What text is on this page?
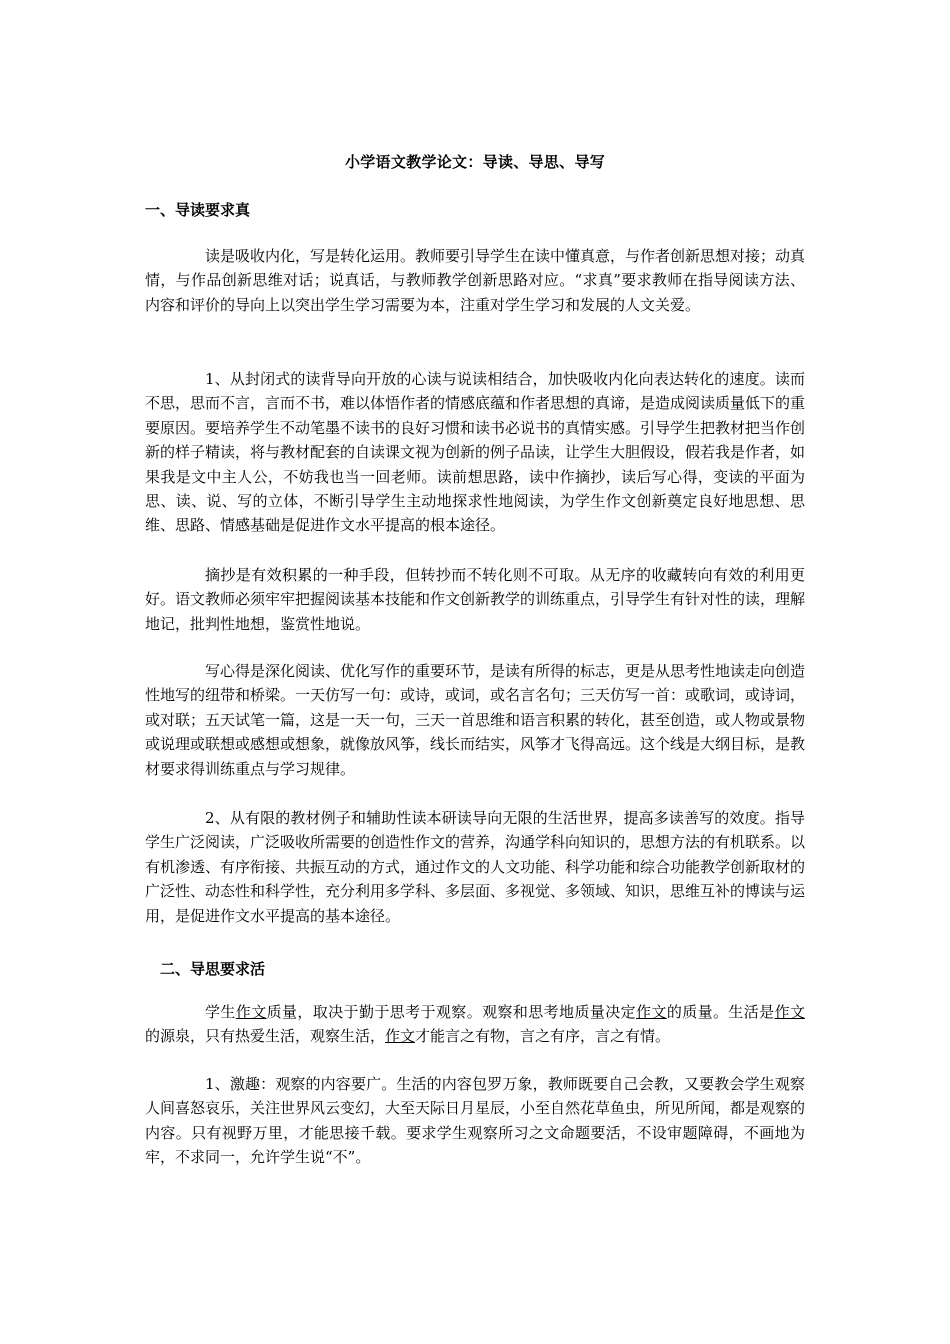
小学语文教学论文：导读、导思、导写
一、导读要求真

读是吸收内化，写是转化运用。教师要引导学生在读中懂真意，与作者创新思想对接；动真情，与作品创新思维对话；说真话，与教师教学创新思路对应。“求真”要求教师在指导阅读方法、内容和评价的导向上以突出学生学习需要为本，注重对学生学习和发展的人文关爱。

1、从封闭式的读背导向开放的心读与说读相结合，加快吸收内化向表达转化的速度。读而不思，思而不言，言而不书，难以体悟作者的情感底蕴和作者思想的真谛，是造成阅读质量低下的重要原因。要培养学生不动笔墨不读书的良好习惯和读书必说书的真情实感。引导学生把教材把当作创新的样子精读，将与教材配套的自读课文视为创新的例子品读，让学生大胆假设，假若我是作者，如果我是文中主人公，不妨我也当一回老师。读前想思路，读中作摘抄，读后写心得，变读的平面为思、读、说、写的立体，不断引导学生主动地探求性地阅读，为学生作文创新奠定良好地思想、思维、思路、情感基础是促进作文水平提高的根本途径。

摘抄是有效积累的一种手段，但转抄而不转化则不可取。从无序的收藏转向有效的利用更好。语文教师必须牢牢把握阅读基本技能和作文创新教学的训练重点，引导学生有针对性的读，理解地记，批判性地想，鉴赏性地说。

写心得是深化阅读、优化写作的重要环节，是读有所得的标志，更是从思考性地读走向创造性地写的纽带和桥梁。一天仿写一句：或诗，或词，或名言名句；三天仿写一首：或歌词，或诗词，或对联；五天试笔一篇，这是一天一句，三天一首思维和语言积累的转化，甚至创造，或人物或景物或说理或联想或感想或想象，就像放风筝，线长而结实，风筝才飞得高远。这个线是大纲目标，是教材要求得训练重点与学习规律。

2、从有限的教材例子和辅助性读本研读导向无限的生活世界，提高多读善写的效度。指导学生广泛阅读，广泛吸收所需要的创造性作文的营养，沟通学科向知识的，思想方法的有机联系。以有机渗透、有序衔接、共振互动的方式，通过作文的人文功能、科学功能和综合功能教学创新取材的广泛性、动态性和科学性，充分利用多学科、多层面、多视觉、多领域、知识，思维互补的博读与运用，是促进作文水平提高的基本途径。

二、导思要求活

学生作文质量，取决于勤于思考于观察。观察和思考地质量决定作文的质量。生活是作文的源泉，只有热爱生活，观察生活，作文才能言之有物，言之有序，言之有情。

1、激趣：观察的内容要广。生活的内容包罗万象，教师既要自己会教，又要教会学生观察人间喜怒哀乐，关注世界风云变幻，大至天际日月星辰，小至自然花草鱼虫，所见所闻，都是观察的内容。只有视野万里，才能思接千载。要求学生观察所习之文命题要活，不设审题障碍，不画地为牢，不求同一，允许学生说“不”。
